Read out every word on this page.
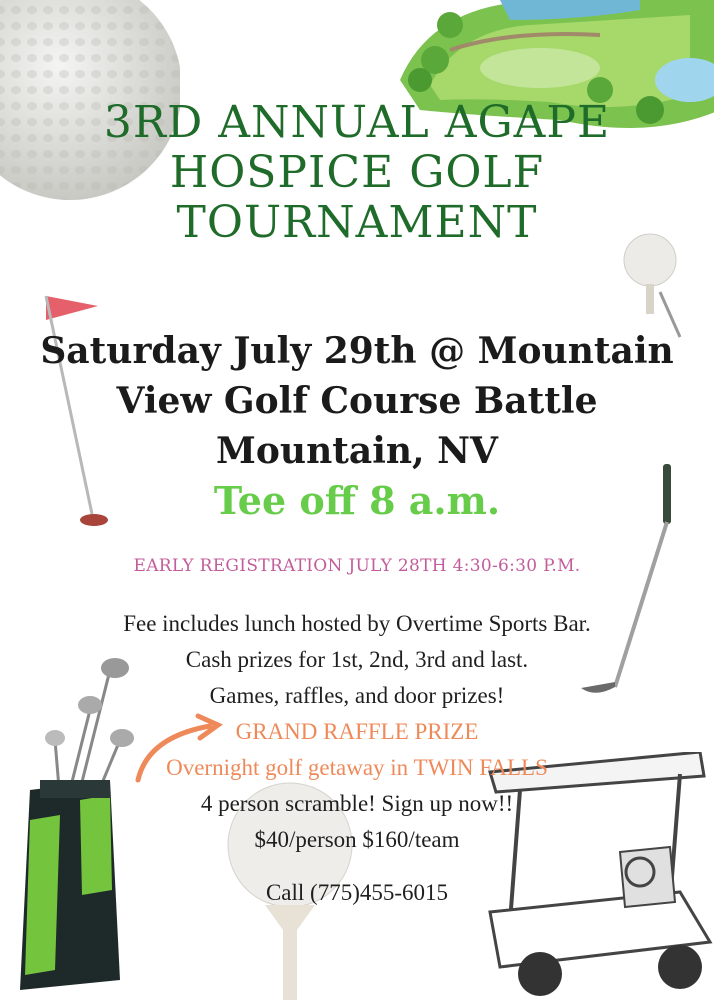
3RD ANNUAL AGAPE
HOSPICE GOLF
TOURNAMENT
Saturday July 29th @ Mountain
View Golf Course Battle
Mountain, NV
Tee off 8 a.m.
EARLY REGISTRATION JULY 28TH 4:30-6:30 P.M.
Fee includes lunch hosted by Overtime Sports Bar.
Cash prizes for 1st, 2nd, 3rd and last.
Games, raffles, and door prizes!
GRAND RAFFLE PRIZE
Overnight golf getaway in TWIN FALLS
4 person scramble! Sign up now!!
$40/person $160/team
Call (775)455-6015
